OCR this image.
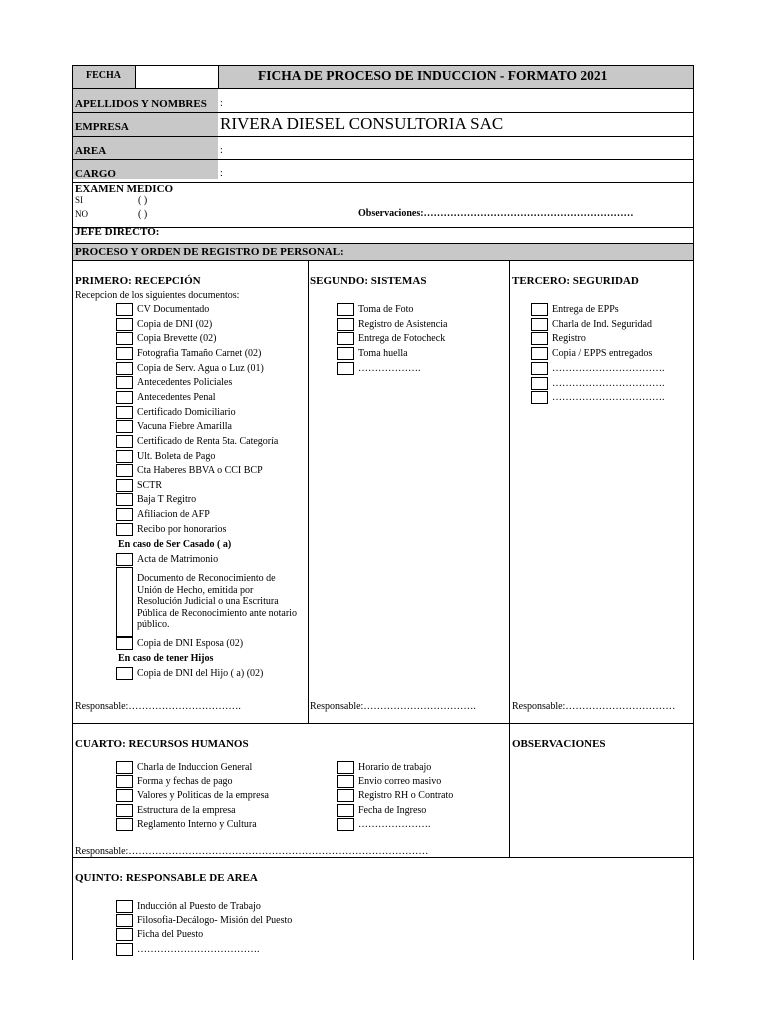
FECHA	FICHA DE PROCESO DE INDUCCION - FORMATO 2021
APELLIDOS Y NOMBRES :
EMPRESA	RIVERA DIESEL CONSULTORIA SAC
AREA	:
CARGO	:
EXAMEN MEDICO
SI	( )
NO	( )	Observaciones:………………………………………………………
JEFE DIRECTO:
PROCESO Y ORDEN DE REGISTRO DE PERSONAL:
PRIMERO: RECEPCIÓN
Recepcion de los siguientes documentos:
CV Documentado
Copia de DNI (02)
Copia Brevette (02)
Fotografia Tamaño Carnet (02)
Copia de Serv. Agua o Luz (01)
Antecedentes Policiales
Antecedentes Penal
Certificado Domiciliario
Vacuna Fiebre Amarilla
Certificado de Renta 5ta. Categoría
Ult. Boleta de Pago
Cta Haberes BBVA o CCI BCP
SCTR
Baja T Regitro
Afiliacion de AFP
Recibo por honorarios
En caso de Ser Casado ( a)
Acta de Matrimonio
Documento de Reconocimiento de Unión de Hecho, emitida por Resolución Judicial o una Escritura Pública de Reconocimiento ante notario público.
Copia de DNI Esposa (02)
En caso de tener Hijos
Copia de DNI del Hijo ( a) (02)
Responsable:…………………………….
SEGUNDO: SISTEMAS
Toma de Foto
Registro de Asistencia
Entrega de Fotocheck
Toma huella
……………….
Responsable:…………………………….
TERCERO: SEGURIDAD
Entrega de EPPs
Charla de Ind. Seguridad
Registro
Copia / EPPS entregados
…………………………….
…………………………….
…………………………….
Responsable:……………………………
CUARTO: RECURSOS HUMANOS
Charla de Induccion General
Forma y fechas de pago
Valores y Politicas de la empresa
Estructura de la empresa
Reglamento Interno y Cultura
Horario de trabajo
Envio correo masivo
Registro RH o Contrato
Fecha de Ingreso
………………….
Responsable:………………………………………………………………………………
OBSERVACIONES
QUINTO: RESPONSABLE DE AREA
Inducción al Puesto de Trabajo
Filosofia-Decálogo- Misión del Puesto
Ficha del Puesto
……………………………….
